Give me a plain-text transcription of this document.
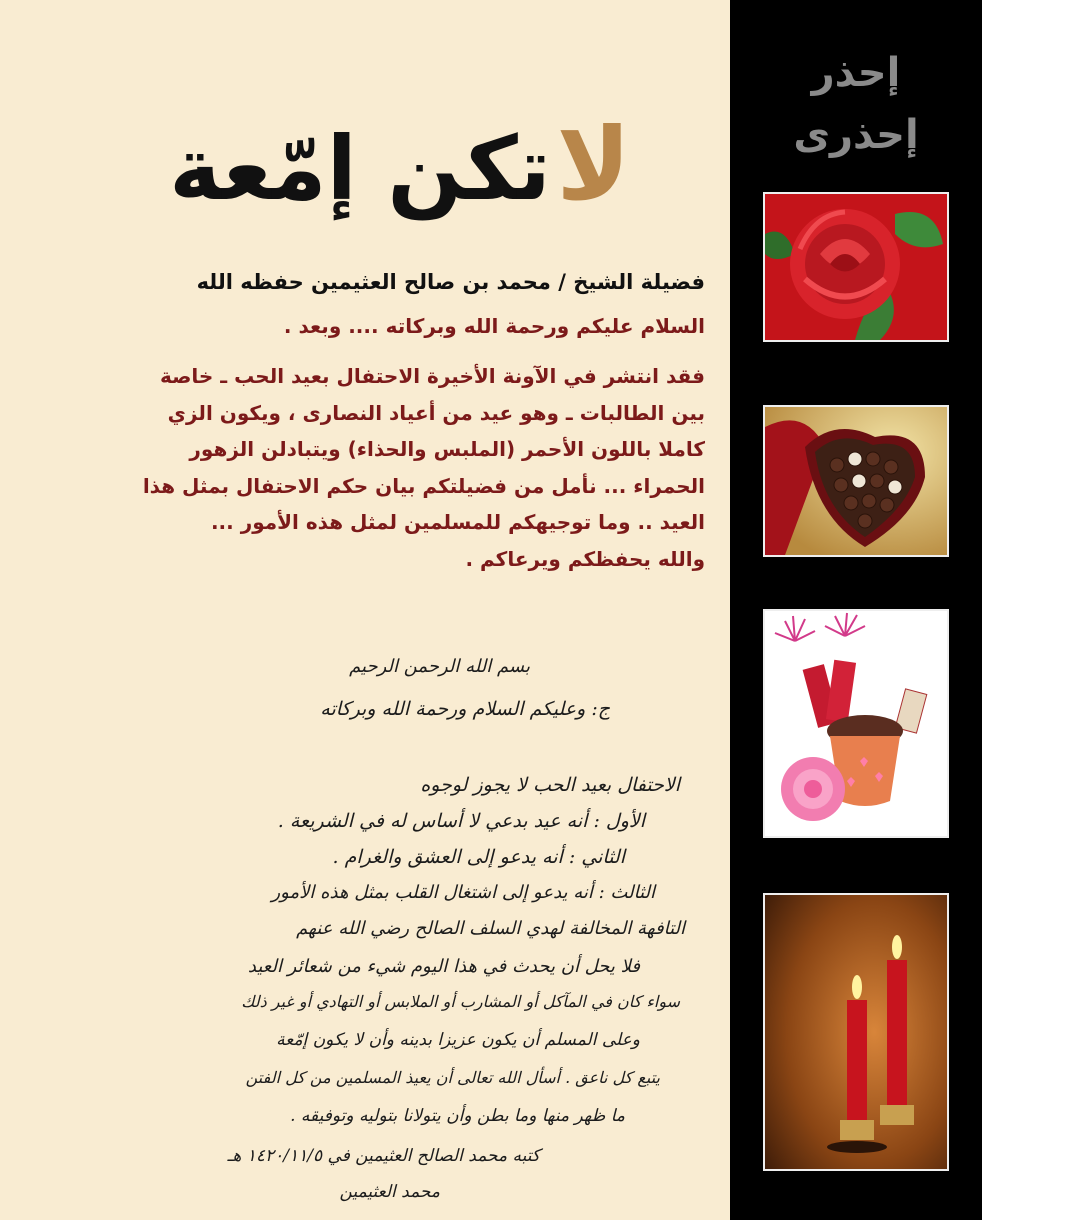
إحذر
إحذرى
لا تكن إمّعة
فضيلة الشيخ / محمد بن صالح العثيمين حفظه الله
السلام عليكم ورحمة الله وبركاته .... وبعد .
فقد انتشر في الآونة الأخيرة الاحتفال بعيد الحب ـ خاصة
بين الطالبات ـ وهو عيد من أعياد النصارى ، ويكون الزي
كاملا باللون الأحمر (الملبس والحذاء) ويتبادلن الزهور
الحمراء ... نأمل من فضيلتكم بيان حكم الاحتفال بمثل هذا
العيد .. وما توجيهكم للمسلمين لمثل هذه الأمور ...
والله يحفظكم ويرعاكم .
بسم الله الرحمن الرحيم
ج: وعليكم السلام ورحمة الله وبركاته
الاحتفال بعيد الحب لا يجوز لوجوه
الأول : أنه عيد بدعي لا أساس له في الشريعة .
الثاني : أنه يدعو إلى العشق والغرام .
الثالث : أنه يدعو إلى اشتغال القلب بمثل هذه الأمور
التافهة المخالفة لهدي السلف الصالح رضي الله عنهم
فلا يحل أن يحدث في هذا اليوم شيء من شعائر العيد
سواء كان في المآكل أو المشارب أو الملابس أو التهادي أو غير ذلك
وعلى المسلم أن يكون عزيزا بدينه وأن لا يكون إمّعة
يتبع كل ناعق . أسأل الله تعالى أن يعيذ المسلمين من كل الفتن
ما ظهر منها وما بطن وأن يتولانا بتوليه وتوفيقه .
كتبه محمد الصالح العثيمين في ١٤٢٠/١١/٥ هـ
محمد العثيمين
